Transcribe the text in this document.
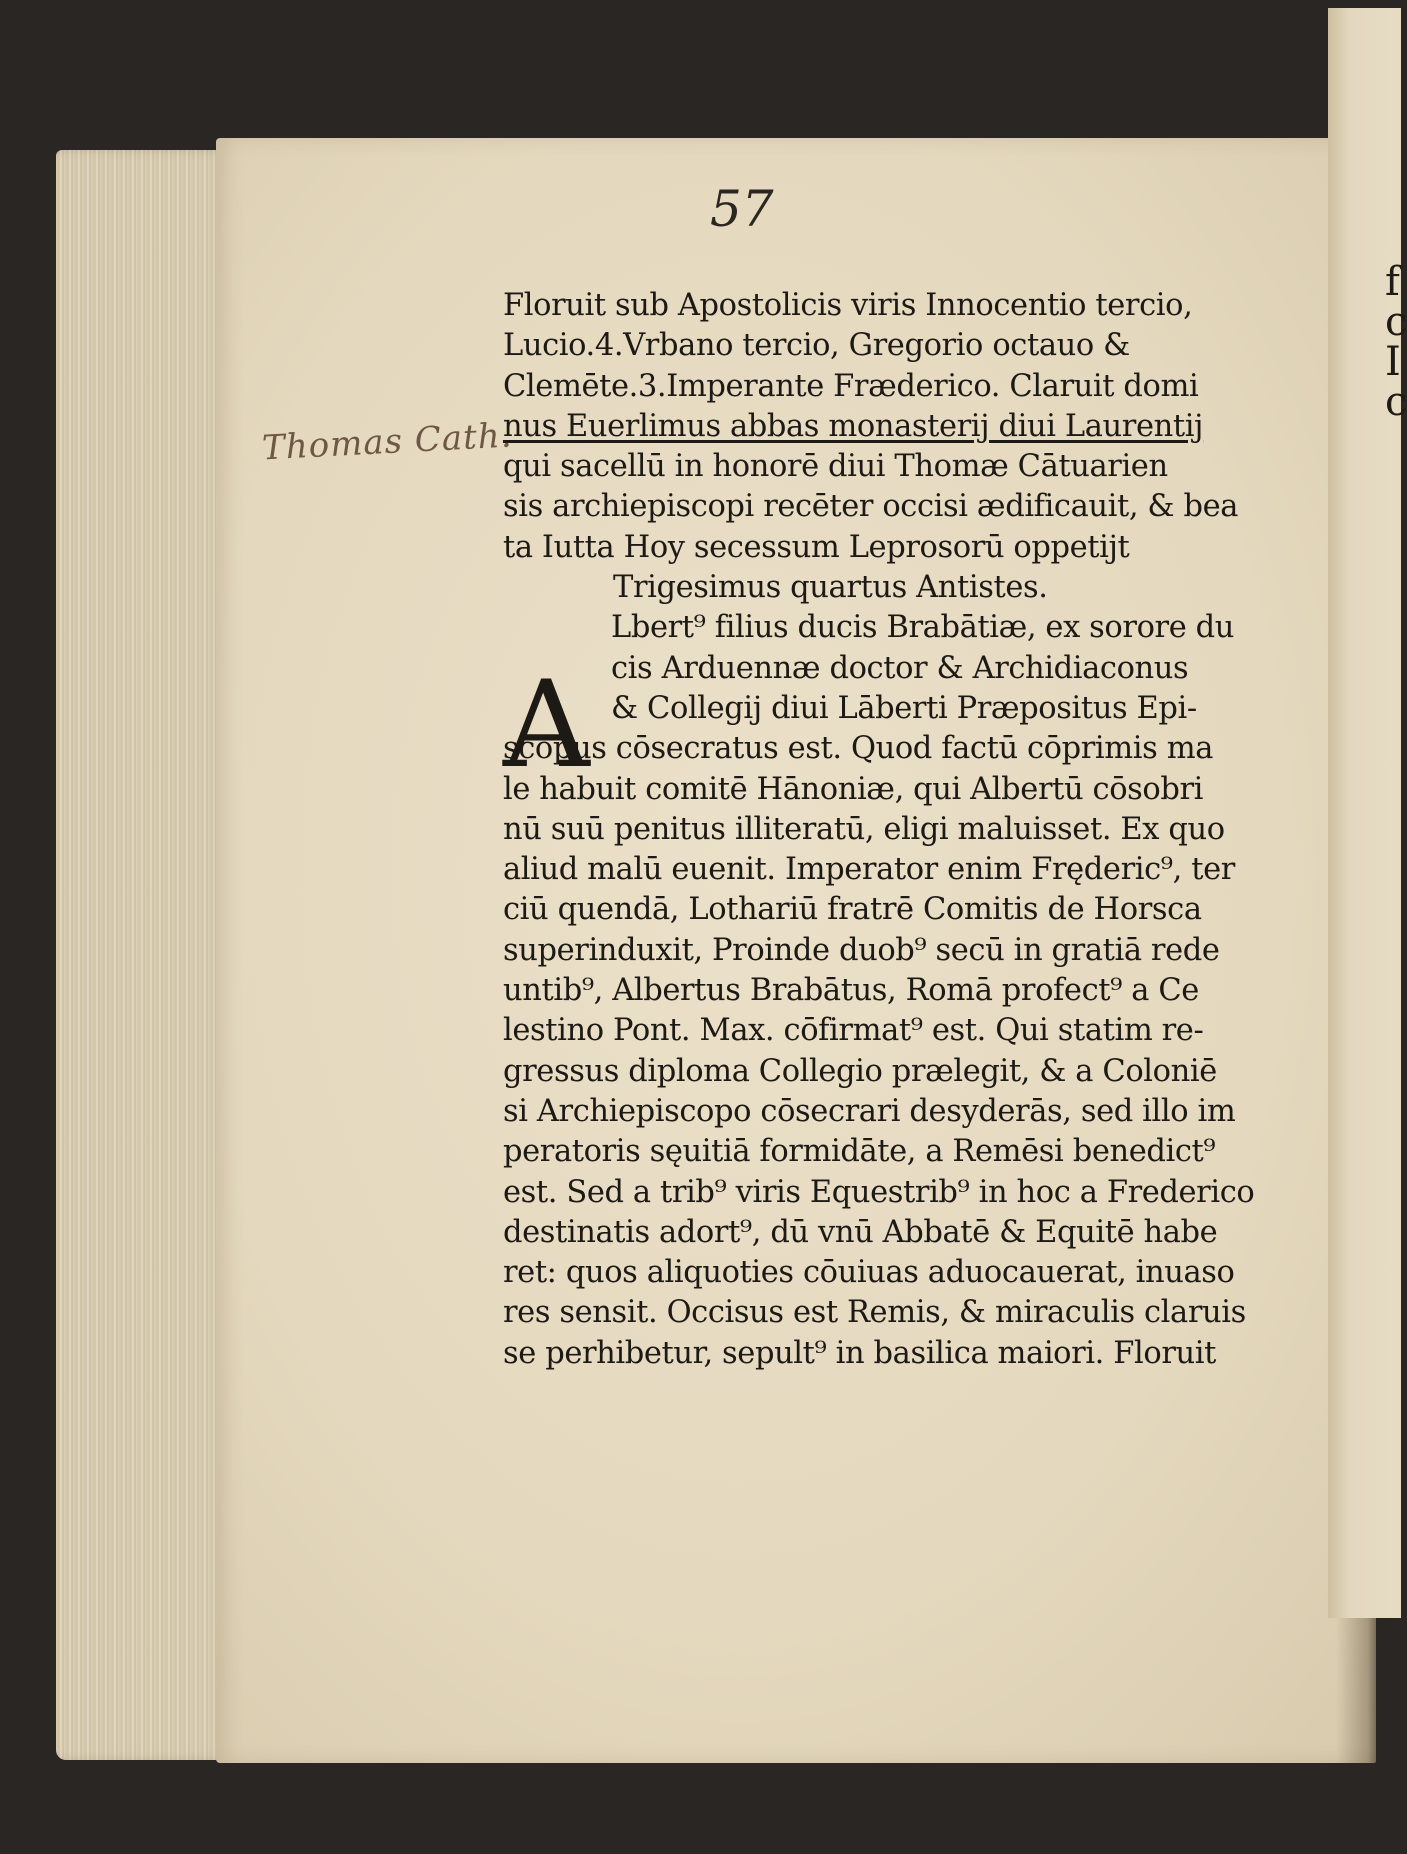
f
c
I
c
57
Thomas Cath.
A
Floruit sub Apostolicis viris Innocentio tercio,
Lucio.4.Vrbano tercio, Gregorio octauo &
Clemēte.3.Imperante Fræderico. Claruit domi
nus Euerlimus abbas monasterij diui Laurentij
qui sacellū in honorē diui Thomæ Cātuarien
sis archiepiscopi recēter occisi ædificauit, & bea
ta Iutta Hoy secessum Leprosorū oppetijt
Trigesimus quartus Antistes.
Lbert⁹ filius ducis Brabātiæ, ex sorore du
cis Arduennæ doctor & Archidiaconus
& Collegij diui Lāberti Præpositus Epi-
scopus cōsecratus est. Quod factū cōprimis ma
le habuit comitē Hānoniæ, qui Albertū cōsobri
nū suū penitus illiteratū, eligi maluisset. Ex quo
aliud malū euenit. Imperator enim Fręderic⁹, ter
ciū quendā, Lothariū fratrē Comitis de Horsca
superinduxit, Proinde duob⁹ secū in gratiā rede
untib⁹, Albertus Brabātus, Romā profect⁹ a Ce
lestino Pont. Max. cōfirmat⁹ est. Qui statim re-
gressus diploma Collegio prælegit, & a Coloniē
si Archiepiscopo cōsecrari desyderās, sed illo im
peratoris sęuitiā formidāte, a Remēsi benedict⁹
est. Sed a trib⁹ viris Equestrib⁹ in hoc a Frederico
destinatis adort⁹, dū vnū Abbatē & Equitē habe
ret: quos aliquoties cōuiuas aduocauerat, inuaso
res sensit. Occisus est Remis, & miraculis claruis
se perhibetur, sepult⁹ in basilica maiori. Floruit
